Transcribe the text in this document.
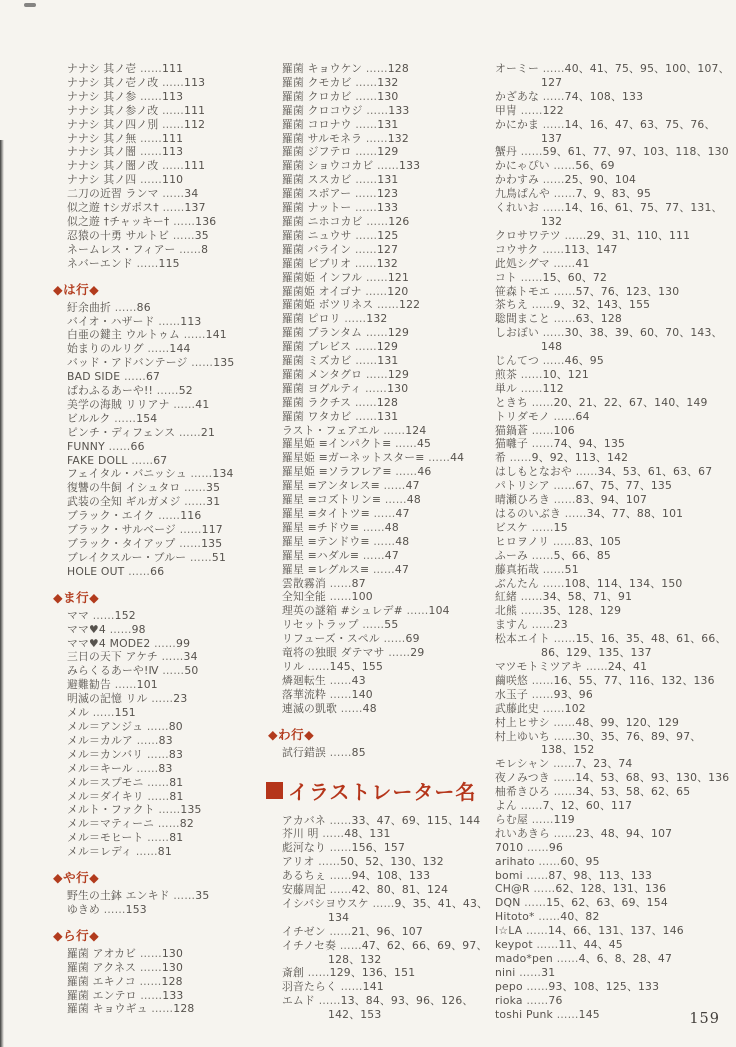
ナナシ 其ノ壱 ……111
ナナシ 其ノ壱ノ改 ……113
ナナシ 其ノ参 ……113
ナナシ 其ノ参ノ改 ……111
ナナシ 其ノ四ノ別 ……112
ナナシ 其ノ無 ……111
ナナシ 其ノ闇 ……113
ナナシ 其ノ闇ノ改 ……111
ナナシ 其ノ四 ……110
二刀の近習 ランマ ……34
似之遊 †シガポス† ……137
似之遊 †チャッキー† ……136
忍猿の十勇 サルトビ ……35
ネームレス・フィアー ……8
ネバーエンド ……115
◆は行◆
紆余曲折 ……86
バイオ・ハザード ……113
白亜の鍵主 ウルトゥム ……141
始まりのルリグ ……144
バッド・アドバンテージ ……135
BAD SIDE ……67
ぱわふるあーや!! ……52
美学の海賊 リリアナ ……41
ビルルク ……154
ピンチ・ディフェンス ……21
FUNNY ……66
FAKE DOLL ……67
フェイタル・バニッシュ ……134
復讐の牛飼 イシュタロ ……35
武装の全知 ギルガメジ ……31
ブラック・エイク ……116
ブラック・サルベージ ……117
ブラック・タイアップ ……135
ブレイクスルー・ブルー ……51
HOLE OUT ……66
◆ま行◆
ママ ……152
ママ♥4 ……98
ママ♥4 MODE2 ……99
三日の天下 アケチ ……34
みらくるあーや!Ⅳ ……50
避難勧告 ……101
明滅の記憶 リル ……23
メル ……151
メル＝アンジュ ……80
メル＝カルア ……83
メル＝カンバリ ……83
メル＝キール ……83
メル＝スプモニ ……81
メル＝ダイキリ ……81
メルト・ファクト ……135
メル＝マティーニ ……82
メル＝モヒート ……81
メル＝レディ ……81
◆や行◆
野生の土鉢 エンキド ……35
ゆきめ ……153
◆ら行◆
羅菌 アオカビ ……130
羅菌 アクネス ……130
羅菌 エキノコ ……128
羅菌 エンテロ ……133
羅菌 キョウギュ ……128
羅菌 キョウケン ……128
羅菌 クモカビ ……132
羅菌 クロカビ ……130
羅菌 クロコウジ ……133
羅菌 コロナウ ……131
羅菌 サルモネラ ……132
羅菌 ジフテロ ……129
羅菌 ショウコカビ ……133
羅菌 ススカビ ……131
羅菌 スポアー ……123
羅菌 ナットー ……133
羅菌 ニホコカビ ……126
羅菌 ニュウサ ……125
羅菌 バライン ……127
羅菌 ビブリオ ……132
羅菌姫 インフル ……121
羅菌姫 オイゴナ ……120
羅菌姫 ボツリネス ……122
羅菌 ピロリ ……132
羅菌 プランタム ……129
羅菌 プレビス ……129
羅菌 ミズカビ ……131
羅菌 メンタグロ ……129
羅菌 ヨグルティ ……130
羅菌 ラクチス ……128
羅菌 ワタカビ ……131
ラスト・フェアエル ……124
羅星姫 ≡インパクト≡ ……45
羅星姫 ≡ガーネットスター≡ ……44
羅星姫 ≡ソラフレア≡ ……46
羅星 ≡アンタレス≡ ……47
羅星 ≡コズトリン≡ ……48
羅星 ≡タイトツ≡ ……47
羅星 ≡チドウ≡ ……48
羅星 ≡テンドウ≡ ……48
羅星 ≡ハダル≡ ……47
羅星 ≡レグルス≡ ……47
雲散霧消 ……87
全知全能 ……100
理英の謎箱 #シュレデ# ……104
リセットラップ ……55
リフューズ・スペル ……69
竜将の独眼 ダテマサ ……29
リル ……145、155
燐廻転生 ……43
落華流粋 ……140
連滅の凱歌 ……48
◆わ行◆
試行錯誤 ……85
イラストレーター名
アカバネ ……33、47、69、115、144
芥川 明 ……48、131
彪河なり ……156、157
アリオ ……50、52、130、132
あるちぇ ……94、108、133
安藤周記 ……42、80、81、124
イシバシヨウスケ ……9、35、41、43、134
イチゼン ……21、96、107
イチノセ奏 ……47、62、66、69、97、128、132
斎創 ……129、136、151
羽音たらく ……141
エムド ……13、84、93、96、126、142、153
オーミー ……40、41、75、95、100、107、127
かざあな ……74、108、133
甲冑 ……122
かにかま ……14、16、47、63、75、76、137
蟹丹 ……59、61、77、97、103、118、130
かにゃぴい ……56、69
かわすみ ……25、90、104
九鳥ぱんや ……7、9、83、95
くれいお ……14、16、61、75、77、131、132
クロサワテツ ……29、31、110、111
コウサク ……113、147
此処シグマ ……41
コト ……15、60、72
笹森トモエ ……57、76、123、130
茶ちえ ……9、32、143、155
聡間まこと ……63、128
しおぼい ……30、38、39、60、70、143、148
じんてつ ……46、95
煎茶 ……10、121
単ル ……112
ときち ……20、21、22、67、140、149
トリダモノ ……64
猫鍋蒼 ……106
猫囃子 ……74、94、135
希 ……9、92、113、142
はしもとなおや ……34、53、61、63、67
パトリシア ……67、75、77、135
晴瀬ひろき ……83、94、107
はるのいぶき ……34、77、88、101
ビスケ ……15
ヒロヲノリ ……83、105
ふーみ ……5、66、85
藤真拓哉 ……51
ぶんたん ……108、114、134、150
紅緒 ……34、58、71、91
北熊 ……35、128、129
ますん ……23
松本エイト ……15、16、35、48、61、66、86、129、135、137
マツモトミツアキ ……24、41
繭咲悠 ……16、55、77、116、132、136
水玉子 ……93、96
武藤此史 ……102
村上ヒサシ ……48、99、120、129
村上ゆいち ……30、35、76、89、97、138、152
モレシャン ……7、23、74
夜ノみつき ……14、53、68、93、130、136
柚希きひろ ……34、53、58、62、65
よん ……7、12、60、117
らむ屋 ……119
れいあきら ……23、48、94、107
7010 ……96
arihato ……60、95
bomi ……87、98、113、133
CH@R ……62、128、131、136
DQN ……15、62、63、69、154
Hitoto* ……40、82
I☆LA ……14、66、131、137、146
keypot ……11、44、45
mado*pen ……4、6、8、28、47
nini ……31
pepo ……93、108、125、133
rioka ……76
toshi Punk ……145	159
